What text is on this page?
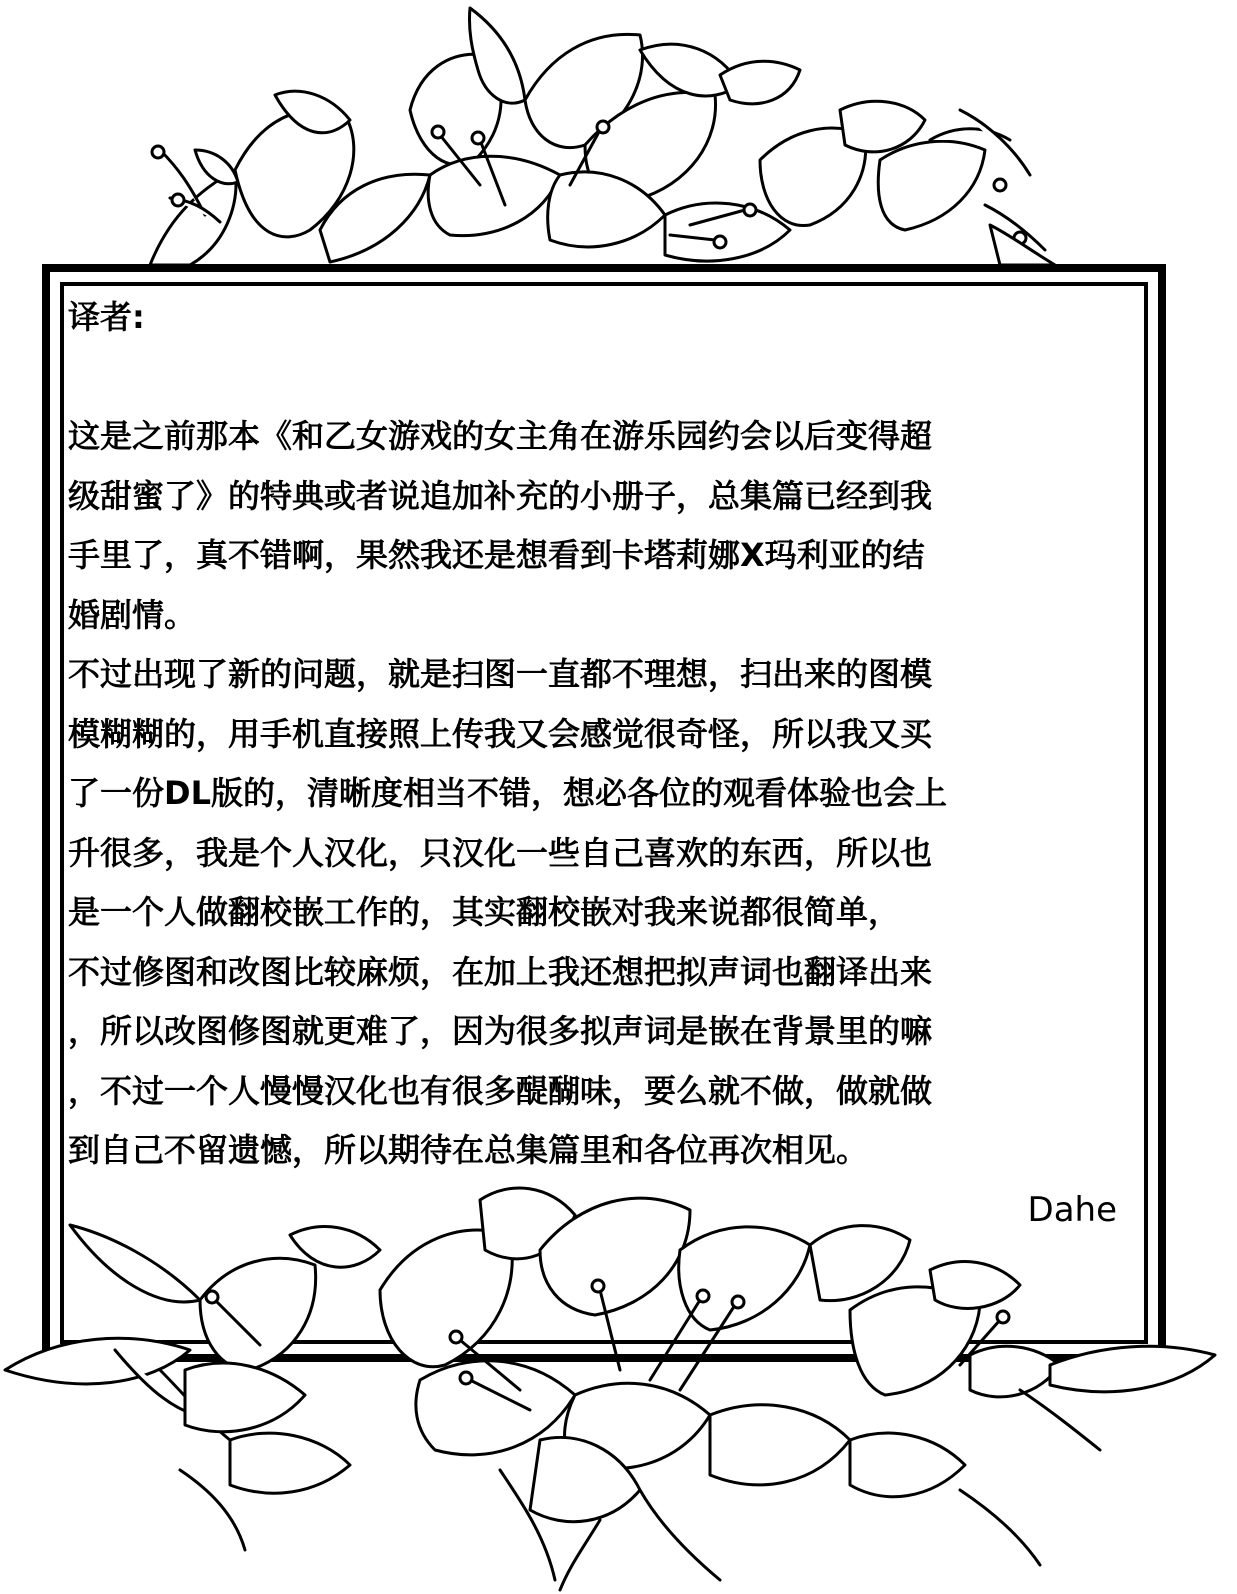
译者:
这是之前那本《和乙女游戏的女主角在游乐园约会以后变得超
级甜蜜了》的特典或者说追加补充的小册子，总集篇已经到我
手里了，真不错啊，果然我还是想看到卡塔莉娜X玛利亚的结
婚剧情。
不过出现了新的问题，就是扫图一直都不理想，扫出来的图模
模糊糊的，用手机直接照上传我又会感觉很奇怪，所以我又买
了一份DL版的，清晰度相当不错，想必各位的观看体验也会上
升很多，我是个人汉化，只汉化一些自己喜欢的东西，所以也
是一个人做翻校嵌工作的，其实翻校嵌对我来说都很简单，
不过修图和改图比较麻烦，在加上我还想把拟声词也翻译出来
，所以改图修图就更难了，因为很多拟声词是嵌在背景里的嘛
，不过一个人慢慢汉化也有很多醍醐味，要么就不做，做就做
到自己不留遗憾，所以期待在总集篇里和各位再次相见。
Dahe
